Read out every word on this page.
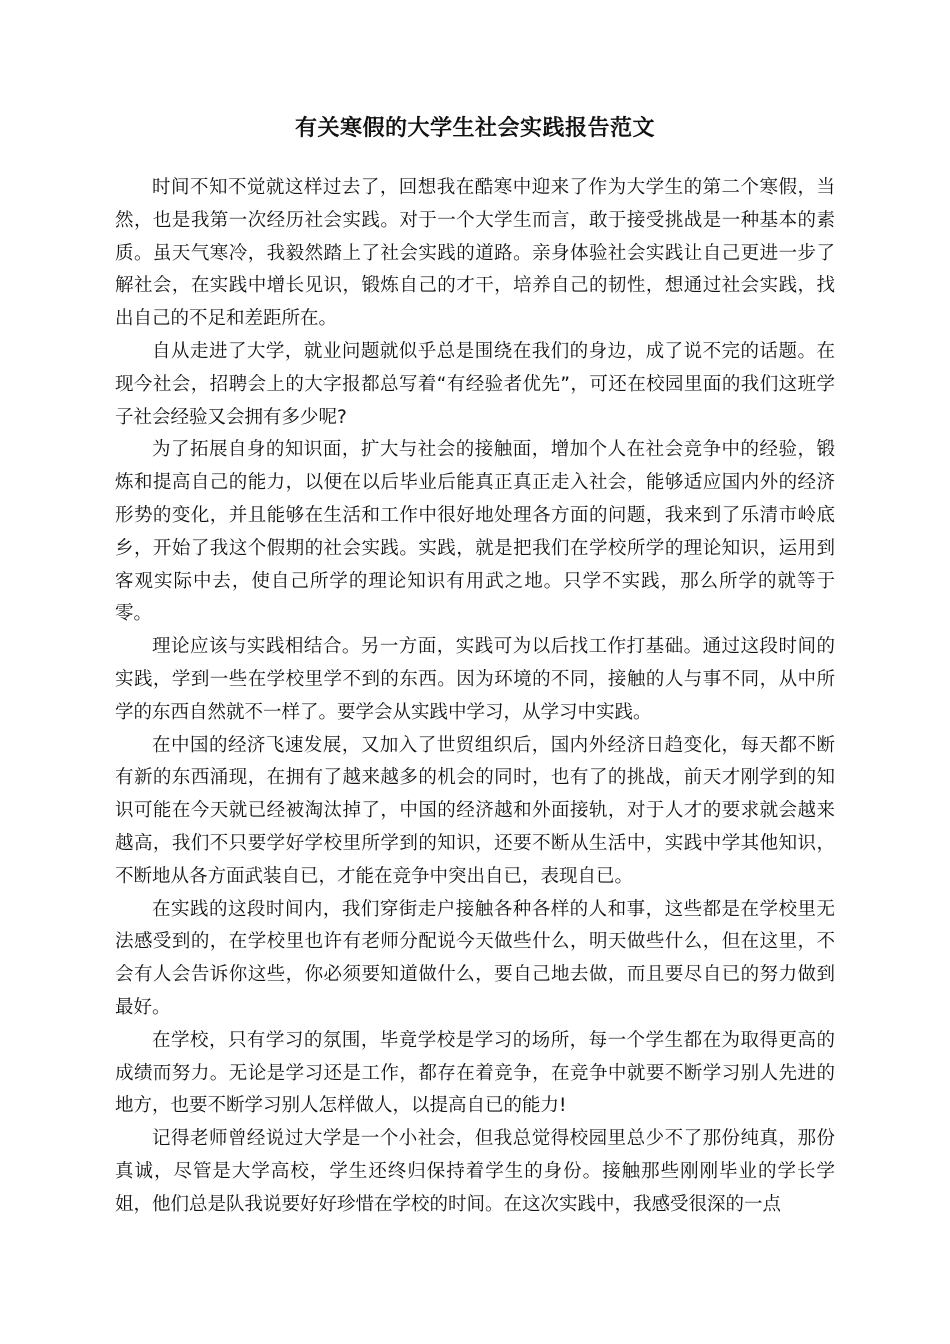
有关寒假的大学生社会实践报告范文

时间不知不觉就这样过去了，回想我在酷寒中迎来了作为大学生的第二个寒假，当然，也是我第一次经历社会实践。对于一个大学生而言，敢于接受挑战是一种基本的素质。虽天气寒冷，我毅然踏上了社会实践的道路。亲身体验社会实践让自己更进一步了解社会，在实践中增长见识，锻炼自己的才干，培养自己的韧性，想通过社会实践，找出自己的不足和差距所在。

自从走进了大学，就业问题就似乎总是围绕在我们的身边，成了说不完的话题。在现今社会，招聘会上的大字报都总写着“有经验者优先”，可还在校园里面的我们这班学子社会经验又会拥有多少呢?

为了拓展自身的知识面，扩大与社会的接触面，增加个人在社会竞争中的经验，锻炼和提高自己的能力，以便在以后毕业后能真正真正走入社会，能够适应国内外的经济形势的变化，并且能够在生活和工作中很好地处理各方面的问题，我来到了乐清市岭底乡，开始了我这个假期的社会实践。实践，就是把我们在学校所学的理论知识，运用到客观实际中去，使自己所学的理论知识有用武之地。只学不实践，那么所学的就等于零。

理论应该与实践相结合。另一方面，实践可为以后找工作打基础。通过这段时间的实践，学到一些在学校里学不到的东西。因为环境的不同，接触的人与事不同，从中所学的东西自然就不一样了。要学会从实践中学习，从学习中实践。

在中国的经济飞速发展，又加入了世贸组织后，国内外经济日趋变化，每天都不断有新的东西涌现，在拥有了越来越多的机会的同时，也有了的挑战，前天才刚学到的知识可能在今天就已经被淘汰掉了，中国的经济越和外面接轨，对于人才的要求就会越来越高，我们不只要学好学校里所学到的知识，还要不断从生活中，实践中学其他知识，不断地从各方面武装自已，才能在竞争中突出自已，表现自已。

在实践的这段时间内，我们穿街走户接触各种各样的人和事，这些都是在学校里无法感受到的，在学校里也许有老师分配说今天做些什么，明天做些什么，但在这里，不会有人会告诉你这些，你必须要知道做什么，要自己地去做，而且要尽自已的努力做到最好。

在学校，只有学习的氛围，毕竟学校是学习的场所，每一个学生都在为取得更高的成绩而努力。无论是学习还是工作，都存在着竞争，在竞争中就要不断学习别人先进的地方，也要不断学习别人怎样做人，以提高自已的能力!

记得老师曾经说过大学是一个小社会，但我总觉得校园里总少不了那份纯真，那份真诚，尽管是大学高校，学生还终归保持着学生的身份。接触那些刚刚毕业的学长学姐，他们总是队我说要好好珍惜在学校的时间。在这次实践中，我感受很深的一点
